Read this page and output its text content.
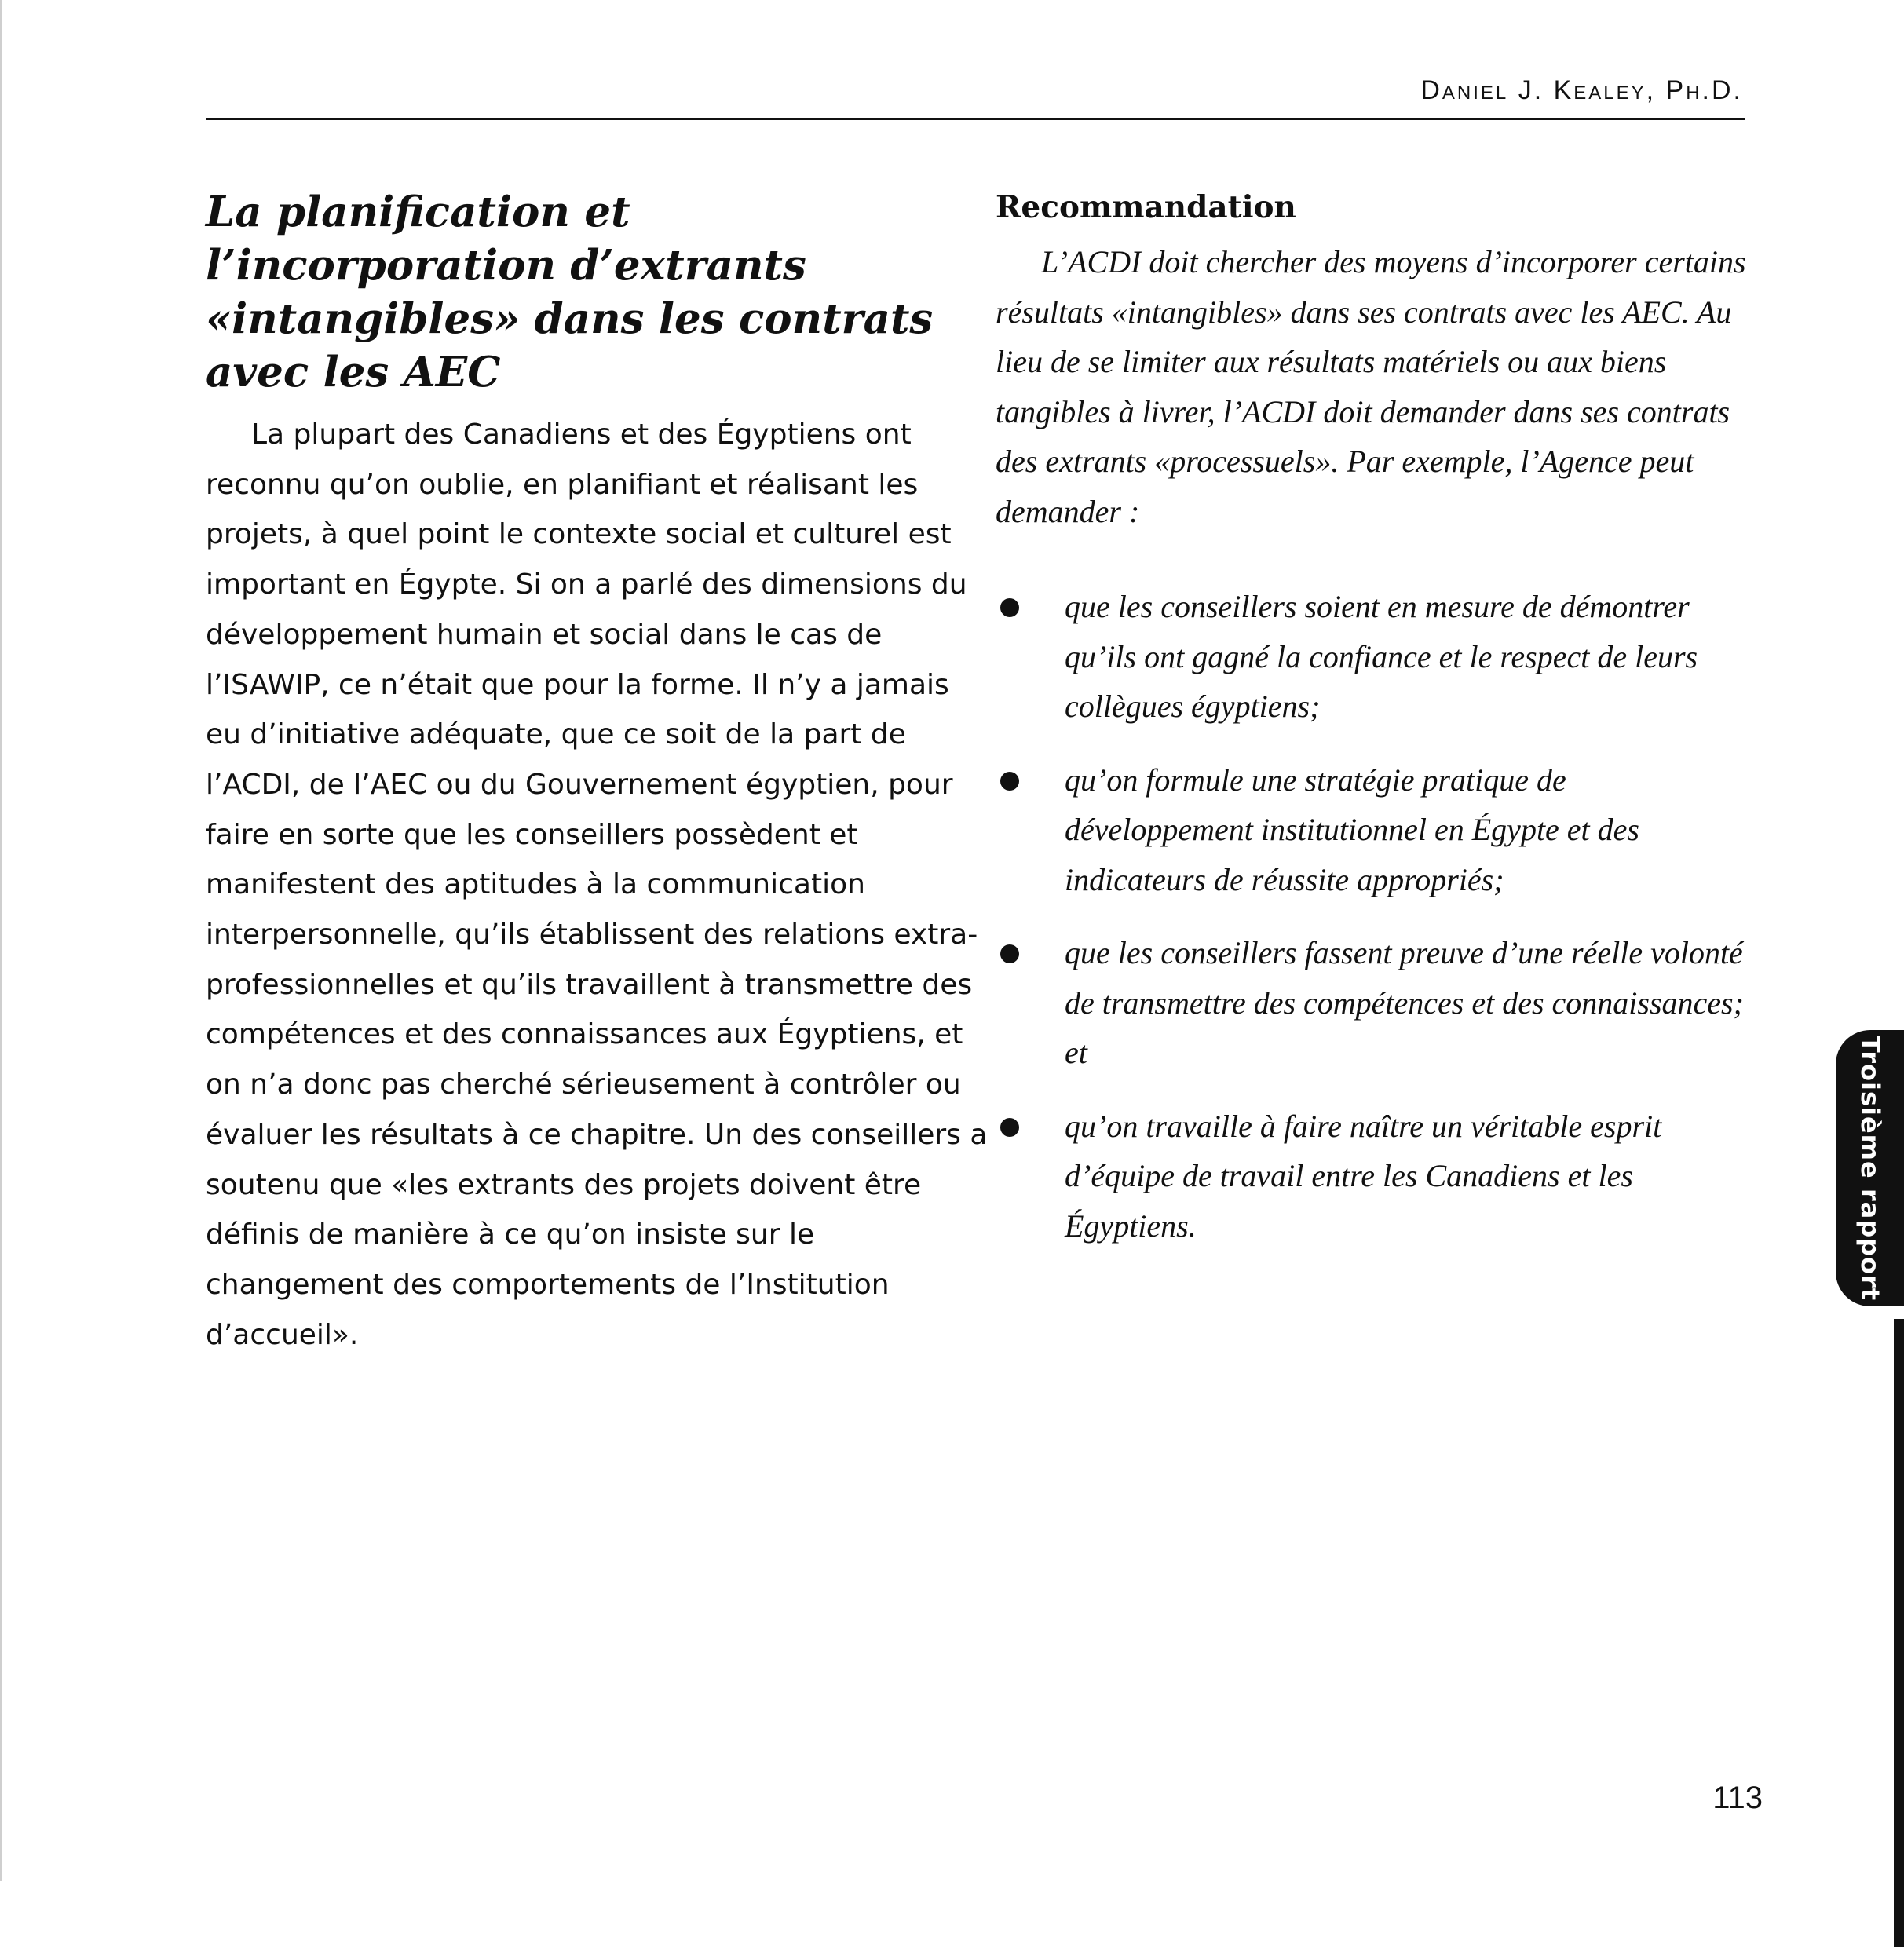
Daniel J. Kealey, Ph.D.
La planification et l’incorporation d’extrants «intangibles» dans les contrats avec les AEC

La plupart des Canadiens et des Égyptiens ont reconnu qu’on oublie, en planifiant et réalisant les projets, à quel point le contexte social et culturel est important en Égypte. Si on a parlé des dimensions du développement humain et social dans le cas de l’ISAWIP, ce n’était que pour la forme. Il n’y a jamais eu d’initiative adéquate, que ce soit de la part de l’ACDI, de l’AEC ou du Gouvernement égyptien, pour faire en sorte que les conseillers possèdent et manifestent des aptitudes à la communication interpersonnelle, qu’ils établissent des relations extra-professionnelles et qu’ils travaillent à transmettre des compétences et des connaissances aux Égyptiens, et on n’a donc pas cherché sérieusement à contrôler ou évaluer les résultats à ce chapitre. Un des conseillers a soutenu que «les extrants des projets doivent être définis de manière à ce qu’on insiste sur le changement des comportements de l’Institution d’accueil».

Recommandation

L’ACDI doit chercher des moyens d’incorporer certains résultats «intangibles» dans ses contrats avec les AEC. Au lieu de se limiter aux résultats matériels ou aux biens tangibles à livrer, l’ACDI doit demander dans ses contrats des extrants «processuels». Par exemple, l’Agence peut demander :

que les conseillers soient en mesure de démontrer qu’ils ont gagné la confiance et le respect de leurs collègues égyptiens;
qu’on formule une stratégie pratique de développement institutionnel en Égypte et des indicateurs de réussite appropriés;
que les conseillers fassent preuve d’une réelle volonté de transmettre des compétences et des connaissances; et
qu’on travaille à faire naître un véritable esprit d’équipe de travail entre les Canadiens et les Égyptiens.	Troisième rapport
113
